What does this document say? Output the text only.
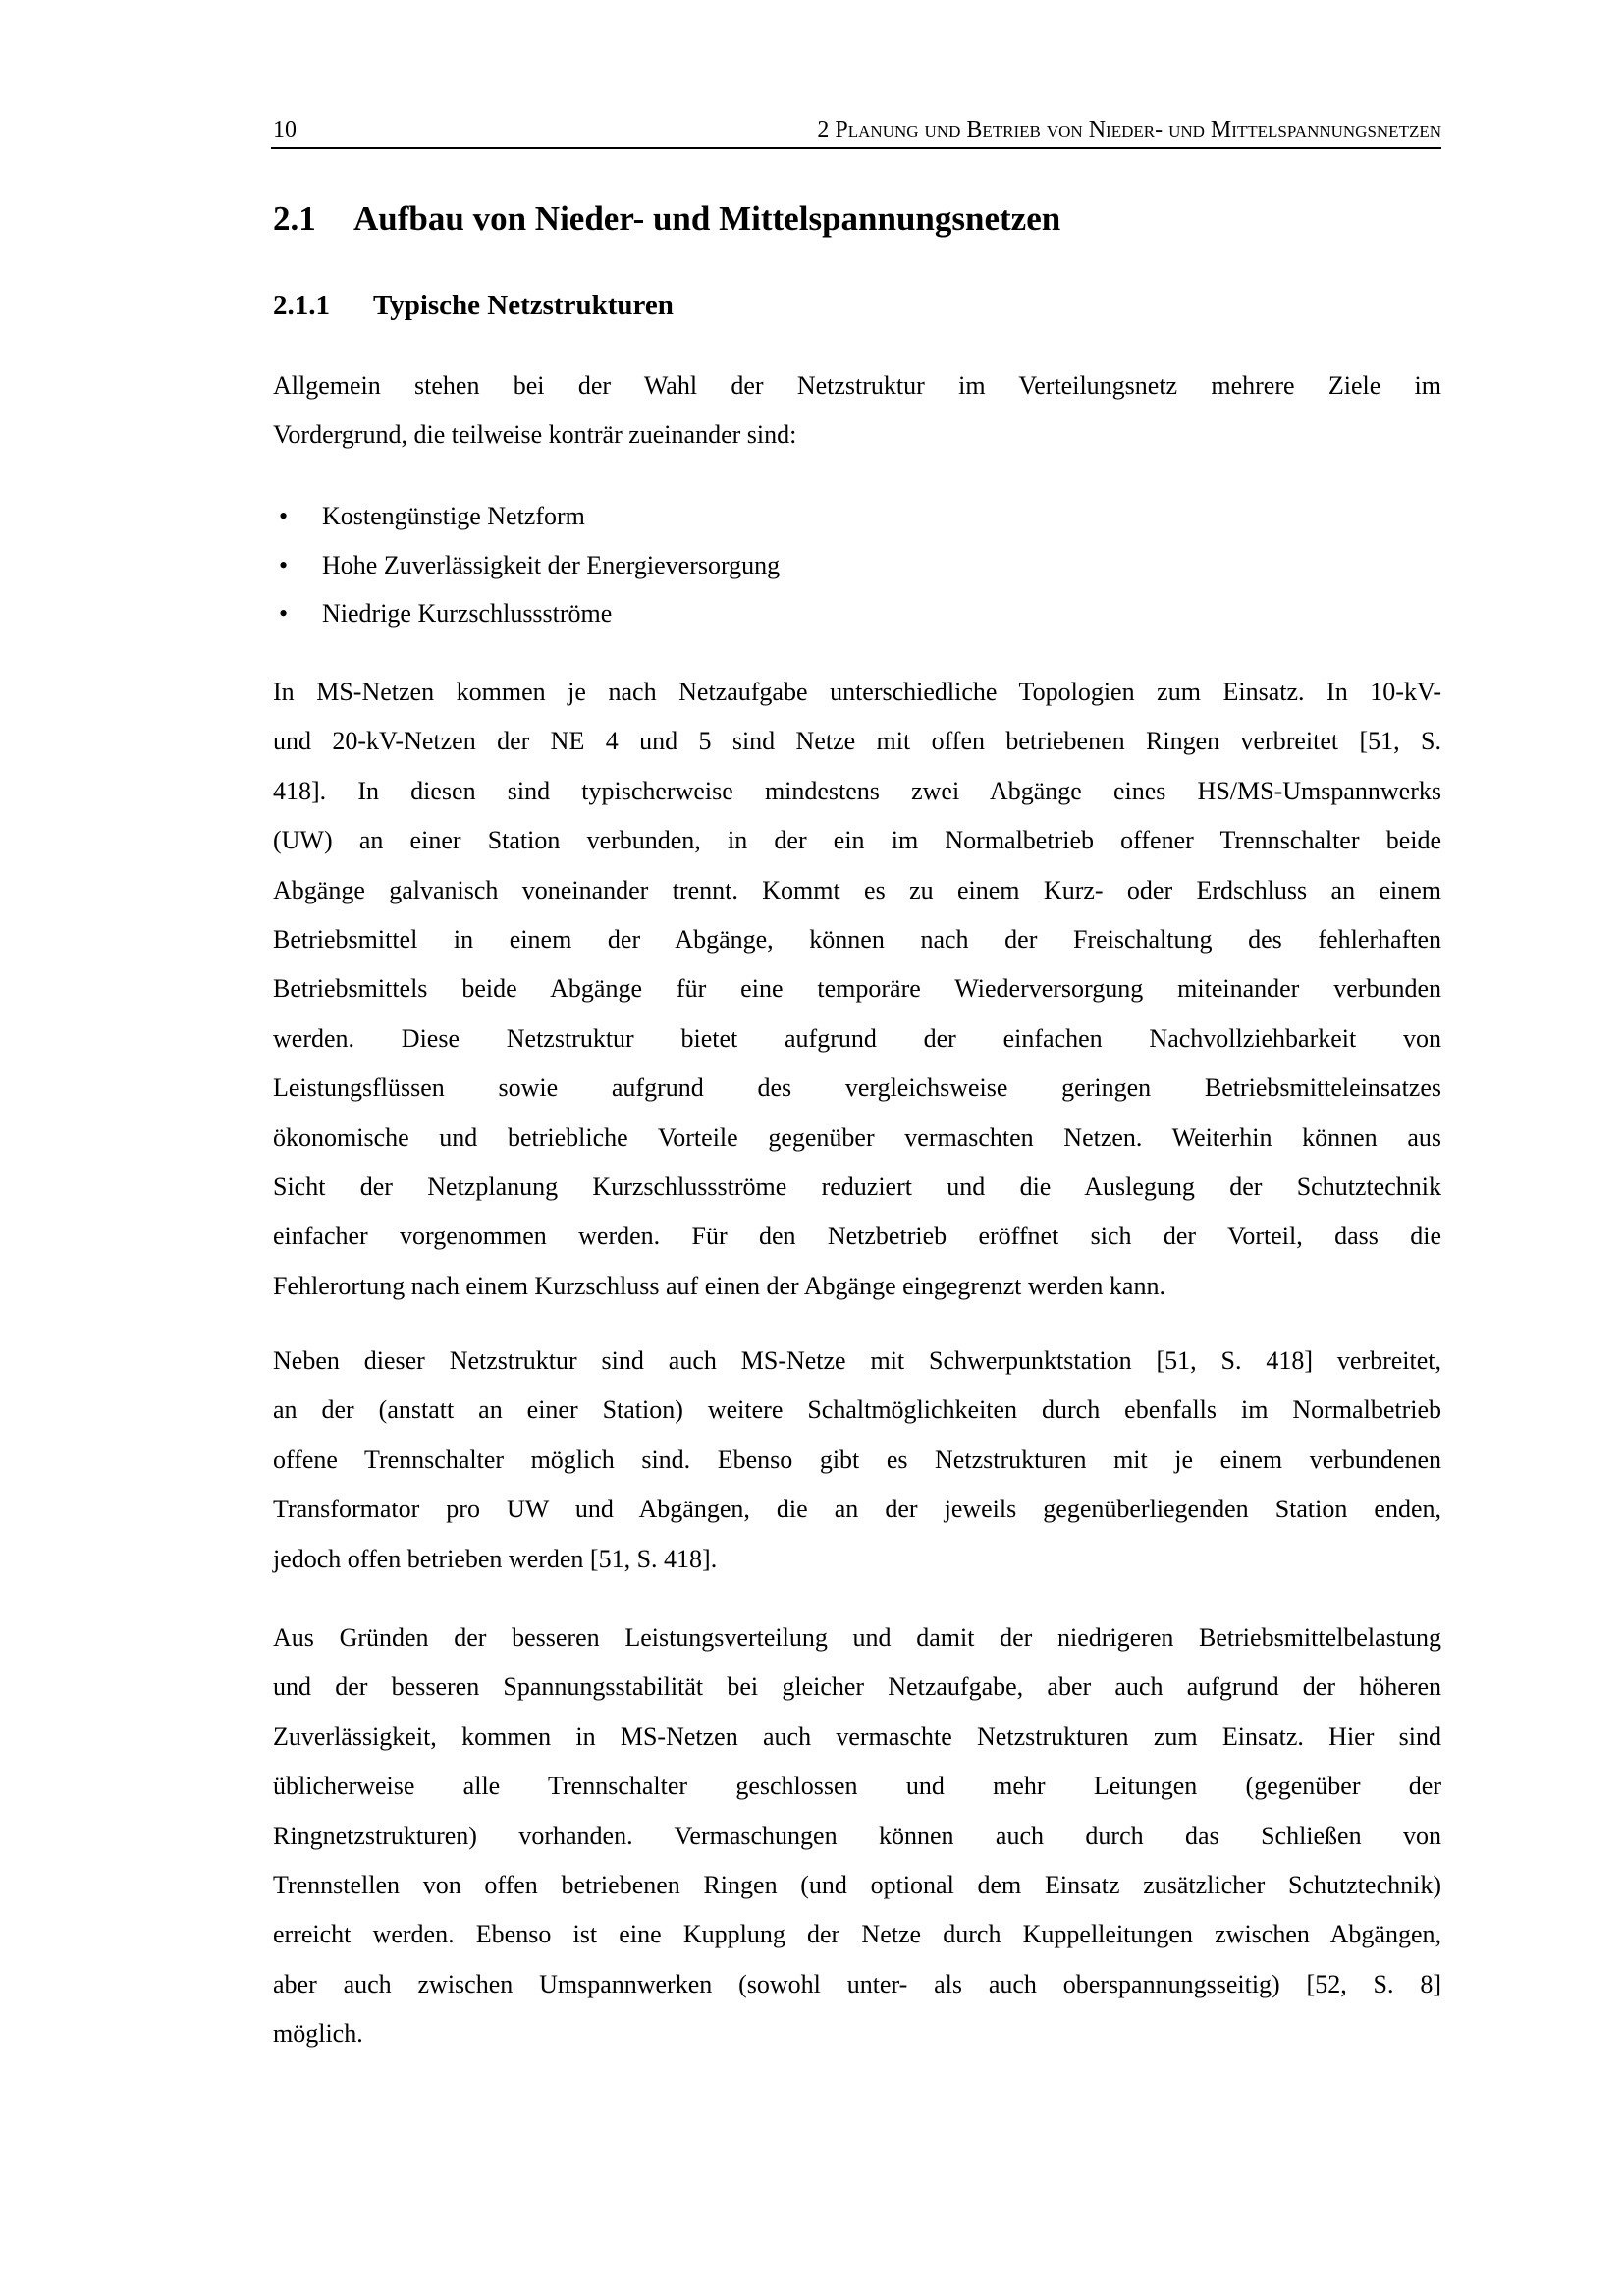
10	2 Planung und Betrieb von Nieder- und Mittelspannungsnetzen
2.1 Aufbau von Nieder- und Mittelspannungsnetzen
2.1.1 Typische Netzstrukturen
Allgemein stehen bei der Wahl der Netzstruktur im Verteilungsnetz mehrere Ziele im
Vordergrund, die teilweise konträr zueinander sind:
• Kostengünstige Netzform
• Hohe Zuverlässigkeit der Energieversorgung
• Niedrige Kurzschlussströme
In MS-Netzen kommen je nach Netzaufgabe unterschiedliche Topologien zum Einsatz. In 10-kV-
und 20-kV-Netzen der NE 4 und 5 sind Netze mit offen betriebenen Ringen verbreitet [51, S.
418]. In diesen sind typischerweise mindestens zwei Abgänge eines HS/MS-Umspannwerks
(UW) an einer Station verbunden, in der ein im Normalbetrieb offener Trennschalter beide
Abgänge galvanisch voneinander trennt. Kommt es zu einem Kurz- oder Erdschluss an einem
Betriebsmittel in einem der Abgänge, können nach der Freischaltung des fehlerhaften
Betriebsmittels beide Abgänge für eine temporäre Wiederversorgung miteinander verbunden
werden. Diese Netzstruktur bietet aufgrund der einfachen Nachvollziehbarkeit von
Leistungsflüssen sowie aufgrund des vergleichsweise geringen Betriebsmitteleinsatzes
ökonomische und betriebliche Vorteile gegenüber vermaschten Netzen. Weiterhin können aus
Sicht der Netzplanung Kurzschlussströme reduziert und die Auslegung der Schutztechnik
einfacher vorgenommen werden. Für den Netzbetrieb eröffnet sich der Vorteil, dass die
Fehlerortung nach einem Kurzschluss auf einen der Abgänge eingegrenzt werden kann.
Neben dieser Netzstruktur sind auch MS-Netze mit Schwerpunktstation [51, S. 418] verbreitet,
an der (anstatt an einer Station) weitere Schaltmöglichkeiten durch ebenfalls im Normalbetrieb
offene Trennschalter möglich sind. Ebenso gibt es Netzstrukturen mit je einem verbundenen
Transformator pro UW und Abgängen, die an der jeweils gegenüberliegenden Station enden,
jedoch offen betrieben werden [51, S. 418].
Aus Gründen der besseren Leistungsverteilung und damit der niedrigeren Betriebsmittelbelastung
und der besseren Spannungsstabilität bei gleicher Netzaufgabe, aber auch aufgrund der höheren
Zuverlässigkeit, kommen in MS-Netzen auch vermaschte Netzstrukturen zum Einsatz. Hier sind
üblicherweise alle Trennschalter geschlossen und mehr Leitungen (gegenüber der
Ringnetzstrukturen) vorhanden. Vermaschungen können auch durch das Schließen von
Trennstellen von offen betriebenen Ringen (und optional dem Einsatz zusätzlicher Schutztechnik)
erreicht werden. Ebenso ist eine Kupplung der Netze durch Kuppelleitungen zwischen Abgängen,
aber auch zwischen Umspannwerken (sowohl unter- als auch oberspannungsseitig) [52, S. 8]
möglich.
